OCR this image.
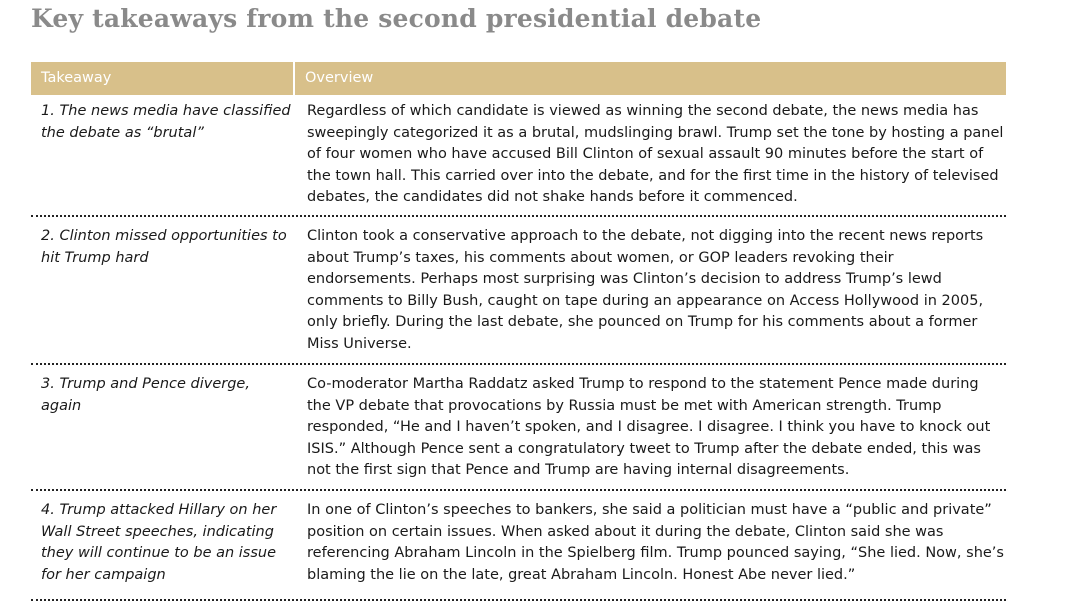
Key takeaways from the second presidential debate
Takeaway	Overview
1. The news media have classified the debate as “brutal”
Regardless of which candidate is viewed as winning the second debate, the news media has sweepingly categorized it as a brutal, mudslinging brawl. Trump set the tone by hosting a panel of four women who have accused Bill Clinton of sexual assault 90 minutes before the start of the town hall. This carried over into the debate, and for the first time in the history of televised debates, the candidates did not shake hands before it commenced.
2. Clinton missed opportunities to hit Trump hard
Clinton took a conservative approach to the debate, not digging into the recent news reports about Trump’s taxes, his comments about women, or GOP leaders revoking their endorsements. Perhaps most surprising was Clinton’s decision to address Trump’s lewd comments to Billy Bush, caught on tape during an appearance on Access Hollywood in 2005, only briefly. During the last debate, she pounced on Trump for his comments about a former Miss Universe.
3. Trump and Pence diverge, again
Co-moderator Martha Raddatz asked Trump to respond to the statement Pence made during the VP debate that provocations by Russia must be met with American strength. Trump responded, “He and I haven’t spoken, and I disagree. I disagree. I think you have to knock out ISIS.” Although Pence sent a congratulatory tweet to Trump after the debate ended, this was not the first sign that Pence and Trump are having internal disagreements.
4. Trump attacked Hillary on her Wall Street speeches, indicating they will continue to be an issue for her campaign
In one of Clinton’s speeches to bankers, she said a politician must have a “public and private” position on certain issues. When asked about it during the debate, Clinton said she was referencing Abraham Lincoln in the Spielberg film. Trump pounced saying, “She lied. Now, she’s blaming the lie on the late, great Abraham Lincoln. Honest Abe never lied.”
